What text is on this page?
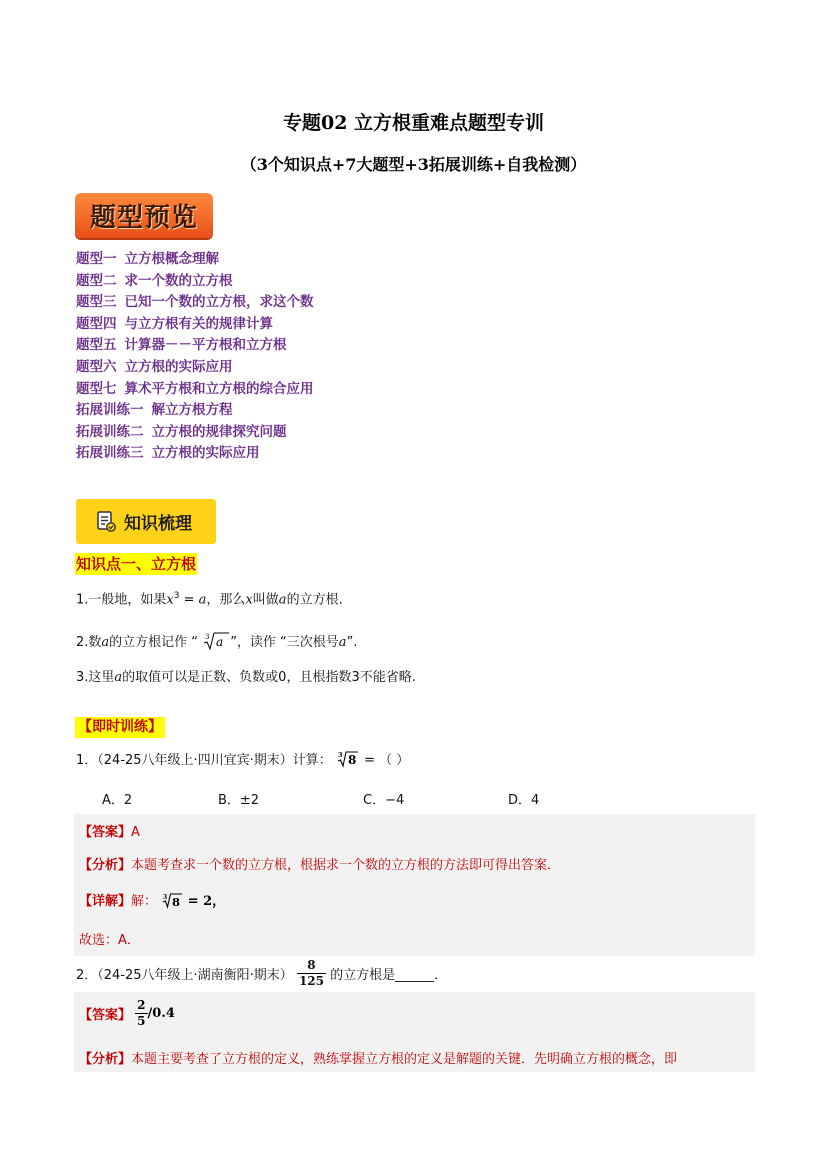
专题02 立方根重难点题型专训
（3个知识点+7大题型+3拓展训练+自我检测）
题型预览
题型一 立方根概念理解
题型二 求一个数的立方根
题型三 已知一个数的立方根，求这个数
题型四 与立方根有关的规律计算
题型五 计算器－－平方根和立方根
题型六 立方根的实际应用
题型七 算术平方根和立方根的综合应用
拓展训练一 解立方根方程
拓展训练二 立方根的规律探究问题
拓展训练三 立方根的实际应用
知识梳理
知识点一、立方根
1.一般地，如果$x^3 = a$，那么x叫做a的立方根.
2.数a的立方根记作 “ 3 a ”，读作 “三次根号a”.
3.这里a的取值可以是正数、负数或0，且根指数3不能省略.
【即时训练】
1．（24-25八年级上·四川宜宾·期末）计算： 3 8 = （ ）
A．2	B．±2	C．−4	D．4
【答案】A
【分析】本题考查求一个数的立方根，根据求一个数的立方根的方法即可得出答案．
【详解】解： 3 8 = 2，
故选：A．
2．（24-25八年级上·湖南衡阳·期末） $\frac{8}{125}$ 的立方根是______．
【答案】 $\frac{2}{5} /0.4$
【分析】本题主要考查了立方根的定义，熟练掌握立方根的定义是解题的关键．先明确立方根的概念，即
